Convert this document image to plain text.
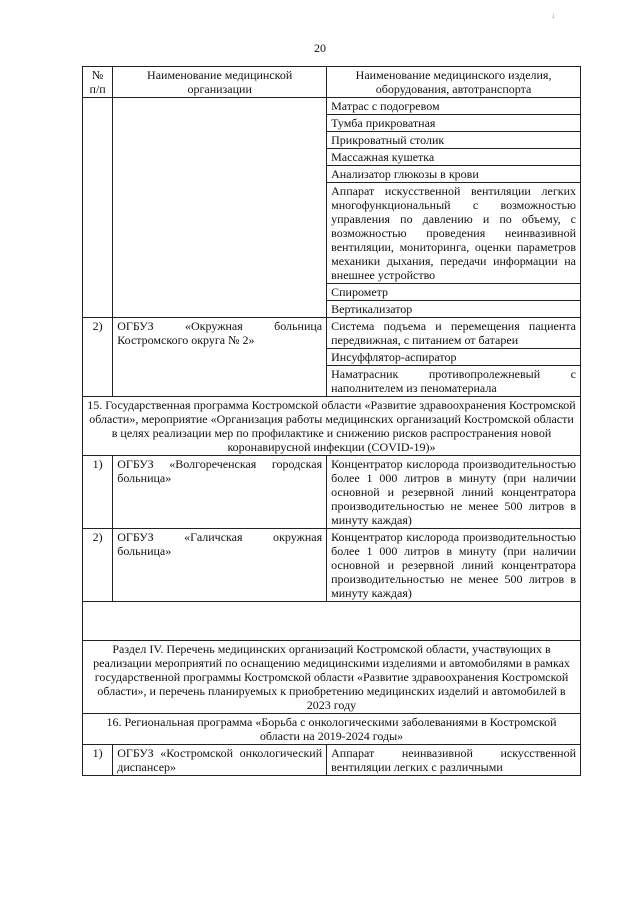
20
↓
№ п/п	Наименование медицинской организации	Наименование медицинского изделия, оборудования, автотранспорта
		Матрас с подогревом
		Тумба прикроватная
		Прикроватный столик
		Массажная кушетка
		Анализатор глюкозы в крови
		Аппарат искусственной вентиляции легких многофункциональный с возможностью управления по давлению и по объему, с возможностью проведения неинвазивной вентиляции, мониторинга, оценки параметров механики дыхания, передачи информации на внешнее устройство
		Спирометр
		Вертикализатор
2)	ОГБУЗ «Окружная больница Костромского округа № 2»	Система подъема и перемещения пациента передвижная, с питанием от батареи
		Инсуффлятор-аспиратор
		Наматрасник противопролежневый с наполнителем из пеноматериала
15. Государственная программа Костромской области «Развитие здравоохранения Костромской области», мероприятие «Организация работы медицинских организаций Костромской области в целях реализации мер по профилактике и снижению рисков распространения новой коронавирусной инфекции (COVID-19)»		
1)	ОГБУЗ «Волгореченская городская больница»	Концентратор кислорода производительностью более 1 000 литров в минуту (при наличии основной и резервной линий концентратора производительностью не менее 500 литров в минуту каждая)
2)	ОГБУЗ «Галичская окружная больница»	Концентратор кислорода производительностью более 1 000 литров в минуту (при наличии основной и резервной линий концентратора производительностью не менее 500 литров в минуту каждая)

Раздел IV. Перечень медицинских организаций Костромской области, участвующих в реализации мероприятий по оснащению медицинскими изделиями и автомобилями в рамках государственной программы Костромской области «Развитие здравоохранения Костромской области», и перечень планируемых к приобретению медицинских изделий и автомобилей в 2023 году		
16. Региональная программа «Борьба с онкологическими заболеваниями в Костромской области на 2019-2024 годы»		
1)	ОГБУЗ «Костромской онкологический диспансер»	Аппарат неинвазивной искусственной вентиляции легких с различными
